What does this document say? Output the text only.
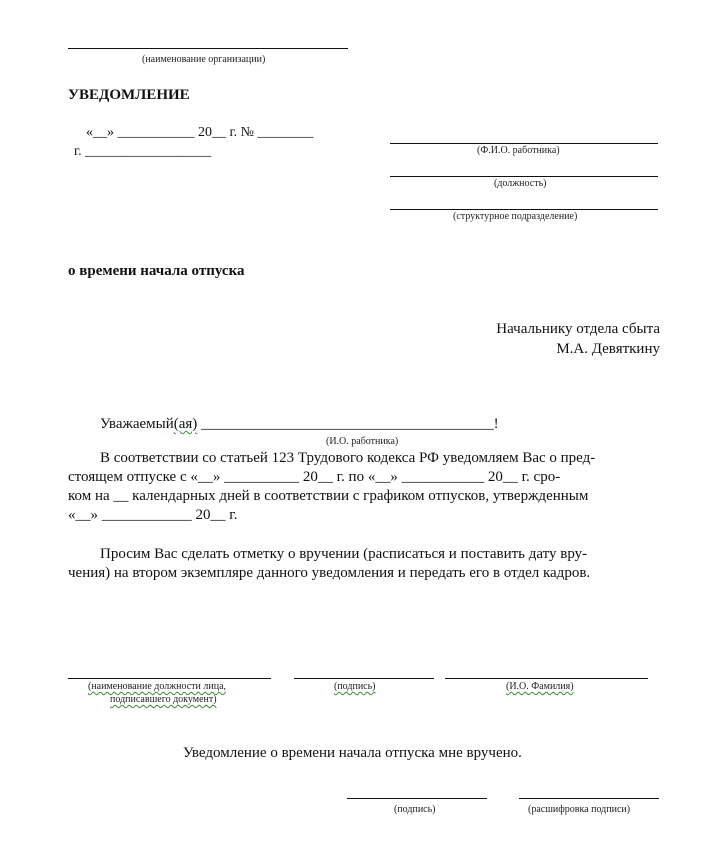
(наименование организации)
УВЕДОМЛЕНИЕ
«__» ___________ 20__ г. № ________
г. __________________	(Ф.И.О. работника)
(должность)
(структурное подразделение)
о времени начала отпуска
Начальнику отдела сбыта
М.А. Девяткину
Уважаемый(ая) _______________________________________!
(И.О. работника)
В соответствии со статьей 123 Трудового кодекса РФ уведомляем Вас о пред-
стоящем отпуске с «__» __________ 20__ г. по «__» ___________ 20__ г. сро-
ком на __ календарных дней в соответствии с графиком отпусков, утвержденным
«__» ____________ 20__ г.
Просим Вас сделать отметку о вручении (расписаться и поставить дату вру-
чения) на втором экземпляре данного уведомления и передать его в отдел кадров.
(наименование должности лица,
подписавшего документ)
(подпись)	(И.О. Фамилия)
Уведомление о времени начала отпуска мне вручено.
(подпись)	(расшифровка подписи)
